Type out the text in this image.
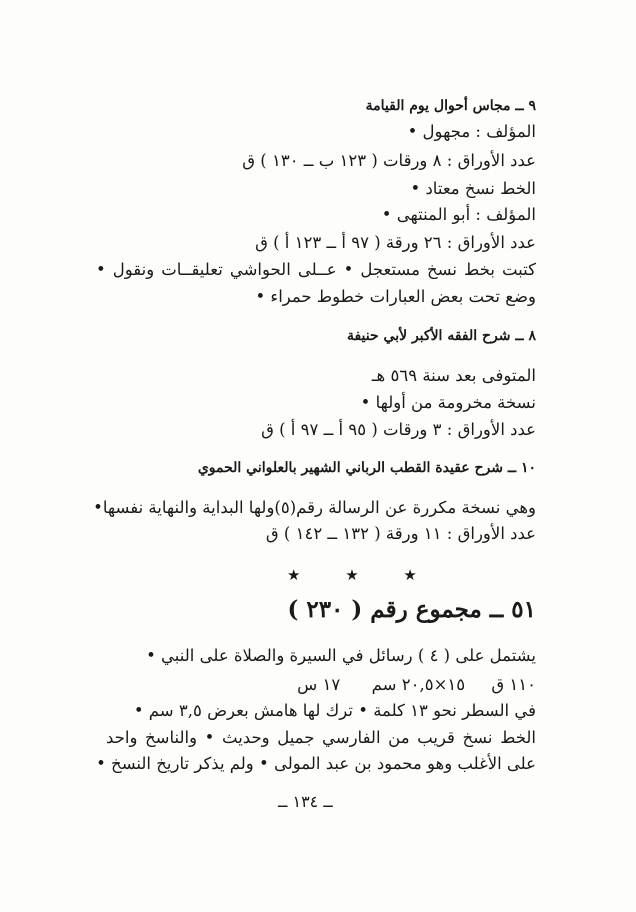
٩ ــ مجاس أحوال يوم القيامة
المؤلف : مجهول •
عدد الأوراق : ٨ ورقات ( ١٢٣ ب ــ ١٣٠ ) ق
الخط نسخ معتاد •
المؤلف : أبو المنتهى •
عدد الأوراق : ٢٦ ورقة ( ٩٧ أ ــ ١٢٣ أ ) ق
كتبت بخط نسخ مستعجل • عــلى الحواشي تعليقــات ونقول •
وضع تحت بعض العبارات خطوط حمراء •
٨ ــ شرح الفقه الأكبر لأبي حنيفة
المتوفى بعد سنة ٥٦٩ هـ
نسخة مخرومة من أولها •
عدد الأوراق : ٣ ورقات ( ٩٥ أ ــ ٩٧ أ ) ق
١٠ ــ شرح عقيدة القطب الرباني الشهير بالعلواني الحموي
وهي نسخة مكررة عن الرسالة رقم(٥)ولها البداية والنهاية نفسها•
عدد الأوراق : ١١ ورقة ( ١٣٢ ــ ١٤٢ ) ق
★ ★ ★
٥١ ــ مجموع رقم ( ٢٣٠ )
يشتمل على ( ٤ ) رسائل في السيرة والصلاة على النبي •
١١٠ ق     ١٥×٢٠,٥ سم      ١٧ س
في السطر نحو ١٣ كلمة • ترك لها هامش بعرض ٣,٥ سم •
الخط نسخ قريب من الفارسي جميل وحديث • والناسخ واحد
على الأغلب وهو محمود بن عبد المولى • ولم يذكر تاريخ النسخ •
ــ ١٣٤ ــ
